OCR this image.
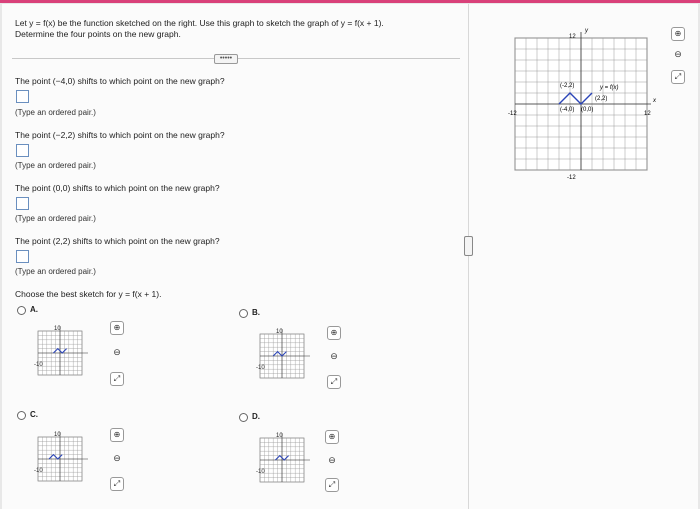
Let y = f(x) be the function sketched on the right. Use this graph to sketch the graph of y = f(x + 1).
Determine the four points on the new graph.
•••••
The point (−4,0) shifts to which point on the new graph?
(Type an ordered pair.)
The point (−2,2) shifts to which point on the new graph?
(Type an ordered pair.)
The point (0,0) shifts to which point on the new graph?
(Type an ordered pair.)
The point (2,2) shifts to which point on the new graph?
(Type an ordered pair.)
Choose the best sketch for y = f(x + 1).
A.	B.
C.	D.
10
-10
10
-10
10
-10
10
-10
⊕
⊖
⤢
⊕
⊖
⤢
⊕
⊖
⤢
⊕
⊖
⤢
y
x
12
-12
-12	12
y = f(x)
(-2,2)
(2,2)
(-4,0) (0,0)
⊕
⊖
⤢
